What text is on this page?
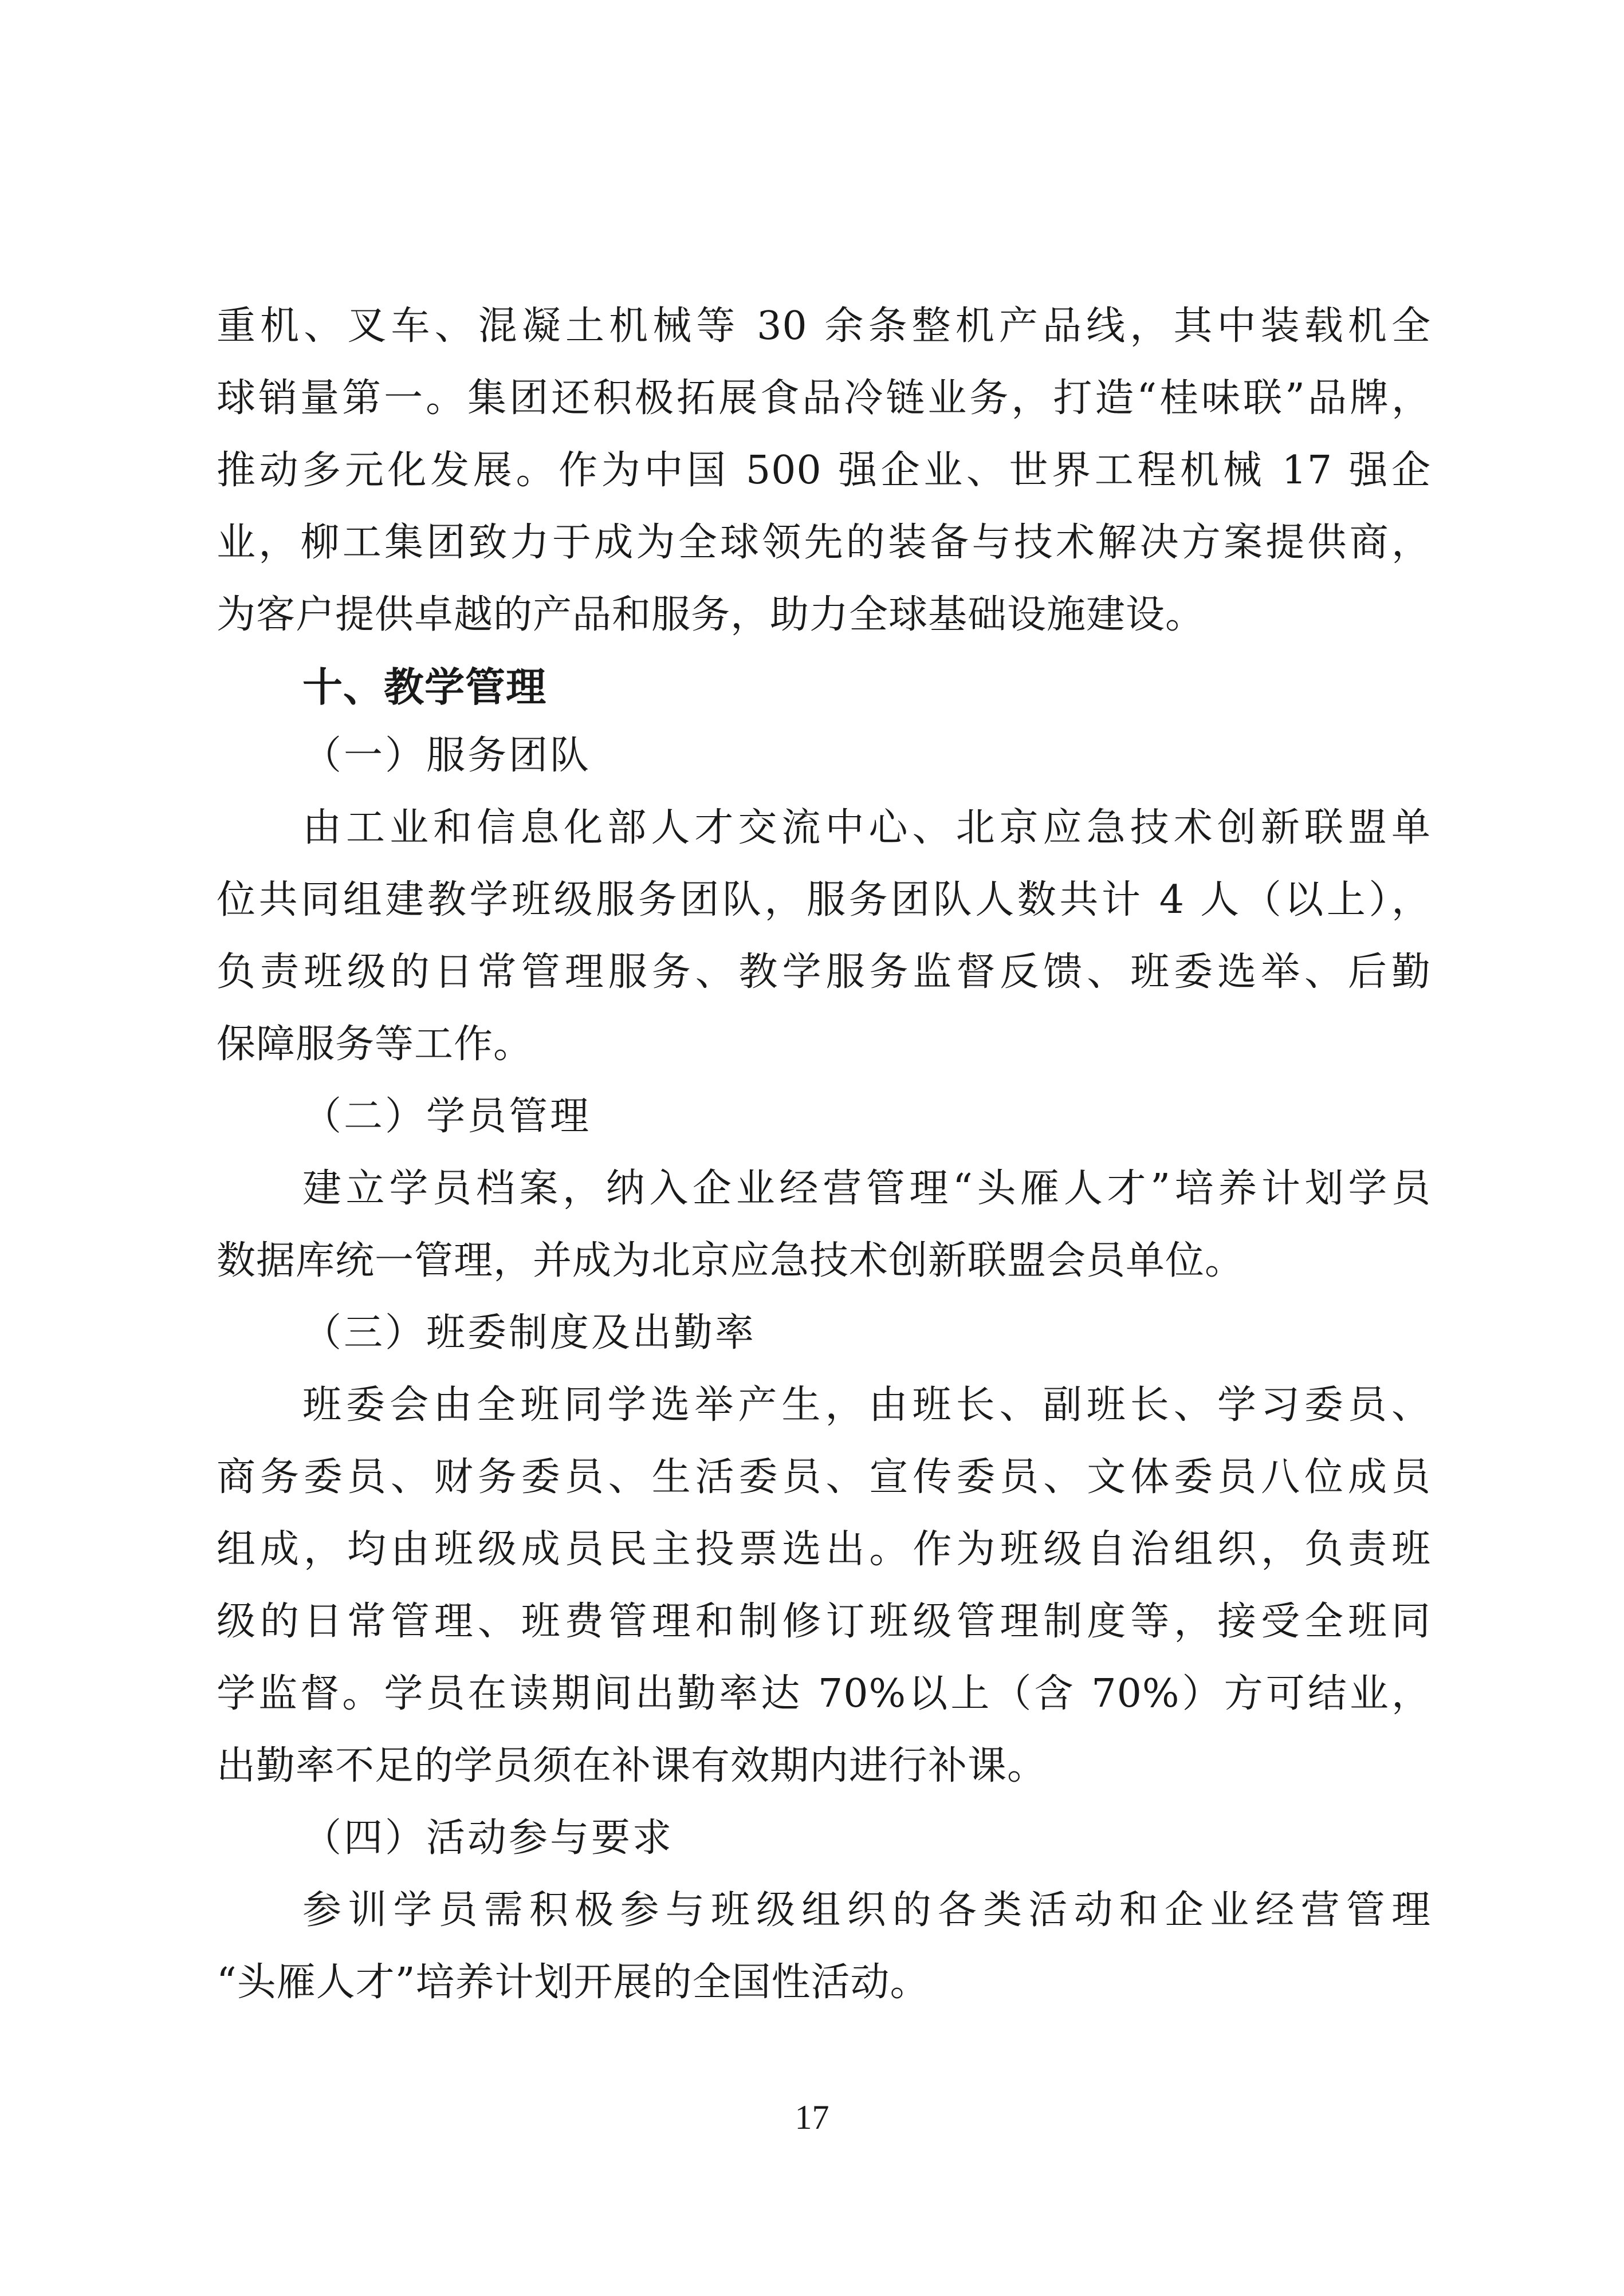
重机、叉车、混凝土机械等 30 余条整机产品线，其中装载机全
球销量第一。集团还积极拓展食品冷链业务，打造“桂味联”品牌，
推动多元化发展。作为中国 500 强企业、世界工程机械 17 强企
业，柳工集团致力于成为全球领先的装备与技术解决方案提供商，
为客户提供卓越的产品和服务，助力全球基础设施建设。
十、教学管理
（一）服务团队
由工业和信息化部人才交流中心、北京应急技术创新联盟单
位共同组建教学班级服务团队，服务团队人数共计 4 人（以上），
负责班级的日常管理服务、教学服务监督反馈、班委选举、后勤
保障服务等工作。
（二）学员管理
建立学员档案，纳入企业经营管理“头雁人才”培养计划学员
数据库统一管理，并成为北京应急技术创新联盟会员单位。
（三）班委制度及出勤率
班委会由全班同学选举产生，由班长、副班长、学习委员、
商务委员、财务委员、生活委员、宣传委员、文体委员八位成员
组成，均由班级成员民主投票选出。作为班级自治组织，负责班
级的日常管理、班费管理和制修订班级管理制度等，接受全班同
学监督。学员在读期间出勤率达 70%以上（含 70%）方可结业，
出勤率不足的学员须在补课有效期内进行补课。
（四）活动参与要求
参训学员需积极参与班级组织的各类活动和企业经营管理
“头雁人才”培养计划开展的全国性活动。
17
